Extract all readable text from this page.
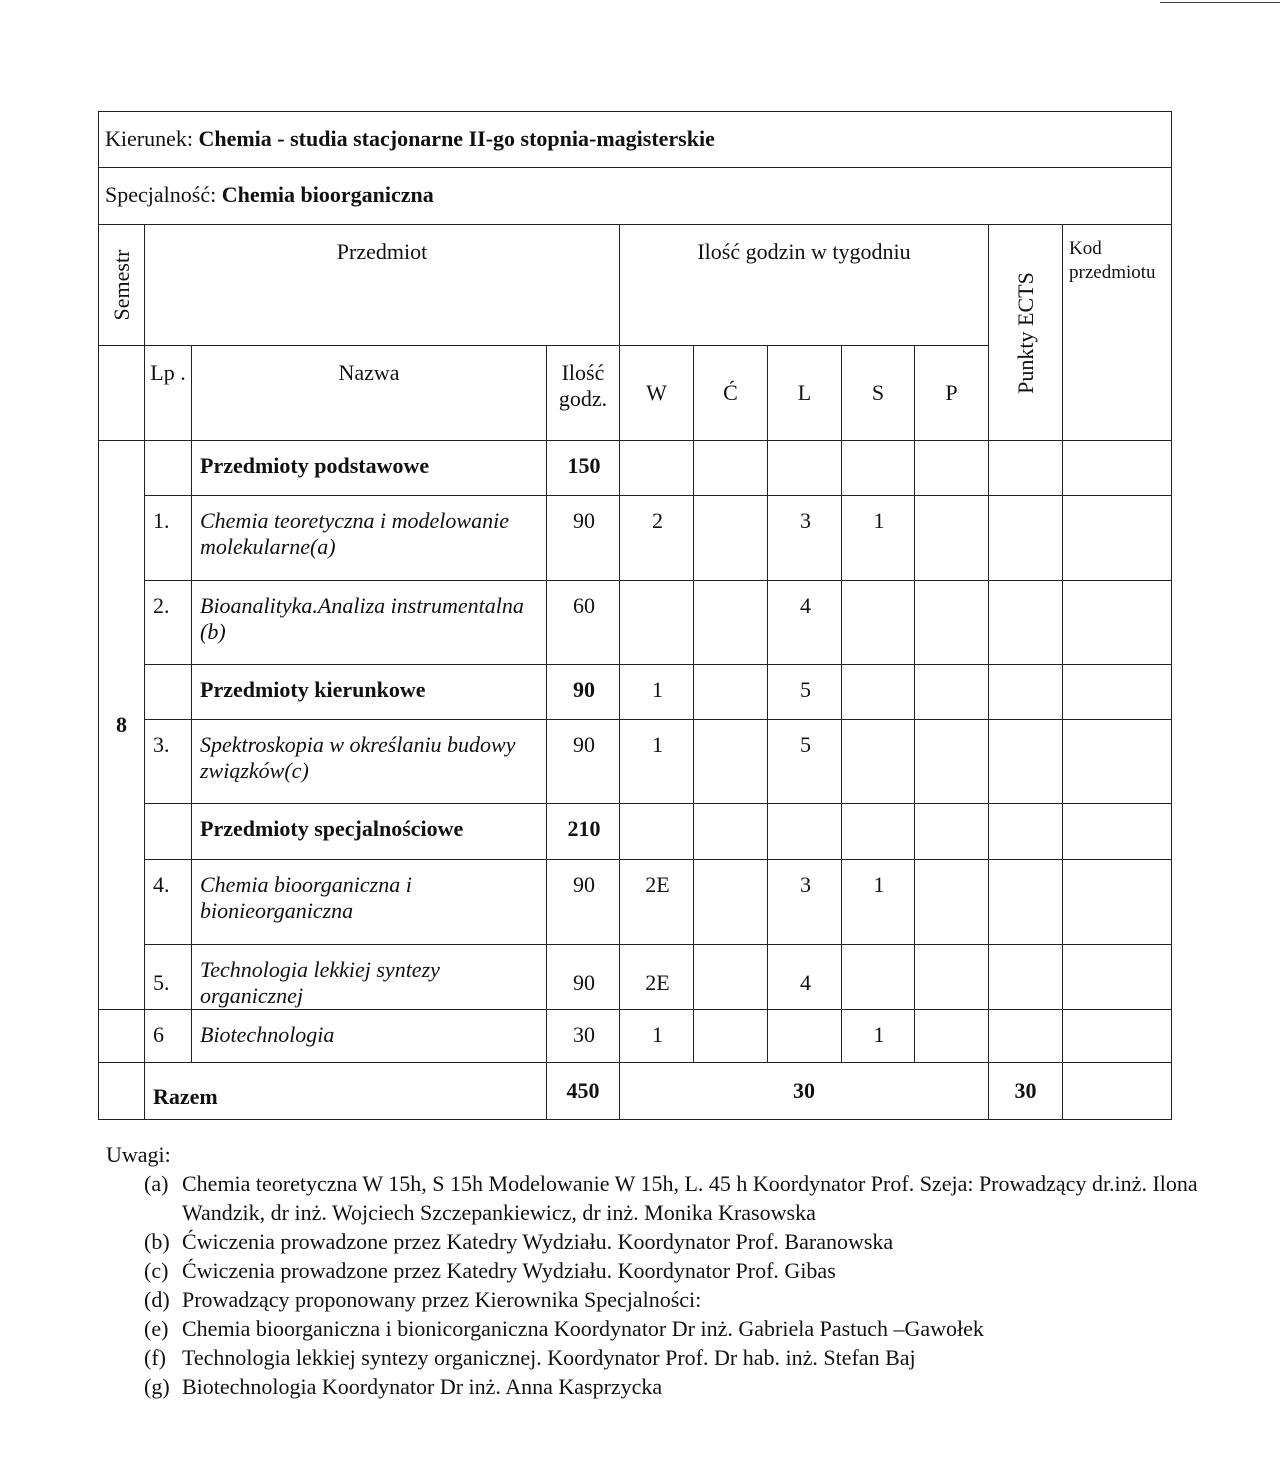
Kierunek: Chemia - studia stacjonarne II-go stopnia-magisterskie										
Specjalność: Chemia bioorganiczna										

Semestr	Przedmiot			Ilość godzin w tygodniu					Punkty ECTS	Kod przedmiotu
	Lp .	Nazwa	Ilość godz.	W	Ć	L	S	P		
8		Przedmioty podstawowe	150							
	1.	Chemia teoretyczna i modelowanie molekularne(a)	90	2		3	1			
	2.	Bioanalityka.Analiza instrumentalna (b)	60			4				
		Przedmioty kierunkowe	90	1		5				
	3.	Spektroskopia w określaniu budowy związków(c)	90	1		5				
		Przedmioty specjalnościowe	210							
	4.	Chemia bioorganiczna i bionieorganiczna	90	2E		3	1			
	5.	Technologia lekkiej syntezy organicznej	90	2E		4				
	6	Biotechnologia	30	1			1			
	Razem		450	30					30	
Uwagi:
(a) Chemia teoretyczna W 15h, S 15h Modelowanie W 15h, L. 45 h Koordynator Prof. Szeja: Prowadzący dr.inż. Ilona Wandzik, dr inż. Wojciech Szczepankiewicz, dr inż. Monika Krasowska
(b) Ćwiczenia prowadzone przez Katedry Wydziału. Koordynator Prof. Baranowska
(c) Ćwiczenia prowadzone przez Katedry Wydziału. Koordynator Prof. Gibas
(d) Prowadzący proponowany przez Kierownika Specjalności:
(e) Chemia bioorganiczna i bionicorganiczna Koordynator Dr inż. Gabriela Pastuch –Gawołek
(f) Technologia lekkiej syntezy organicznej. Koordynator Prof. Dr hab. inż. Stefan Baj
(g) Biotechnologia Koordynator Dr inż. Anna Kasprzycka
